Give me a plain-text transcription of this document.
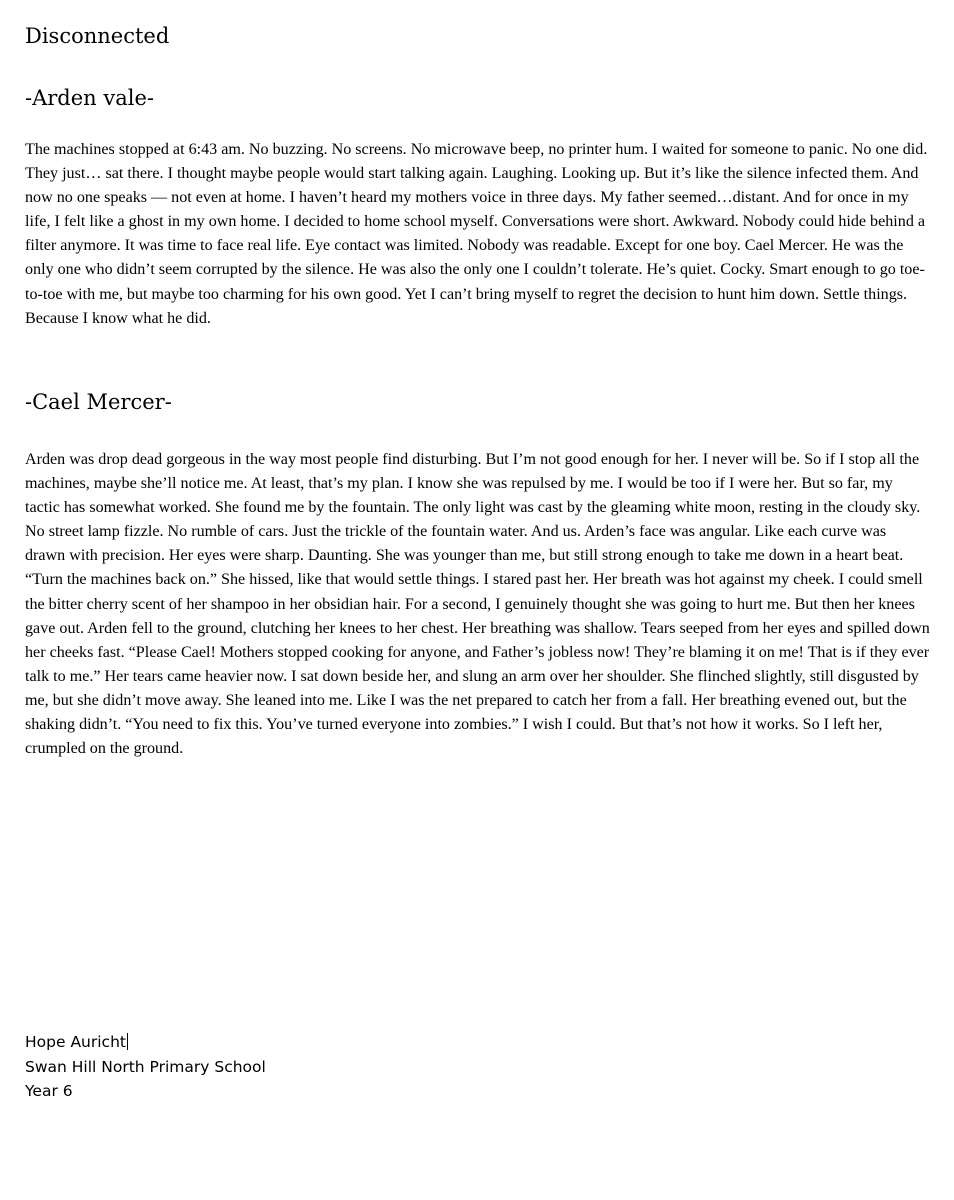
Disconnected
-Arden vale-

The machines stopped at 6:43 am. No buzzing. No screens. No microwave beep, no printer hum. I waited for someone to panic. No one did. They just… sat there. I thought maybe people would start talking again. Laughing. Looking up. But it’s like the silence infected them. And now no one speaks — not even at home. I haven’t heard my mothers voice in three days. My father seemed…distant. And for once in my life, I felt like a ghost in my own home. I decided to home school myself. Conversations were short. Awkward. Nobody could hide behind a filter anymore. It was time to face real life. Eye contact was limited. Nobody was readable. Except for one boy. Cael Mercer. He was the only one who didn’t seem corrupted by the silence. He was also the only one I couldn’t tolerate. He’s quiet. Cocky. Smart enough to go toe-to-toe with me, but maybe too charming for his own good. Yet I can’t bring myself to regret the decision to hunt him down. Settle things. Because I know what he did.

-Cael Mercer-

Arden was drop dead gorgeous in the way most people find disturbing. But I’m not good enough for her. I never will be. So if I stop all the machines, maybe she’ll notice me. At least, that’s my plan. I know she was repulsed by me. I would be too if I were her. But so far, my tactic has somewhat worked. She found me by the fountain. The only light was cast by the gleaming white moon, resting in the cloudy sky. No street lamp fizzle. No rumble of cars. Just the trickle of the fountain water. And us. Arden’s face was angular. Like each curve was drawn with precision. Her eyes were sharp. Daunting. She was younger than me, but still strong enough to take me down in a heart beat. “Turn the machines back on.” She hissed, like that would settle things. I stared past her. Her breath was hot against my cheek. I could smell the bitter cherry scent of her shampoo in her obsidian hair. For a second, I genuinely thought she was going to hurt me. But then her knees gave out. Arden fell to the ground, clutching her knees to her chest. Her breathing was shallow. Tears seeped from her eyes and spilled down her cheeks fast. “Please Cael! Mothers stopped cooking for anyone, and Father’s jobless now! They’re blaming it on me! That is if they ever talk to me.” Her tears came heavier now. I sat down beside her, and slung an arm over her shoulder. She flinched slightly, still disgusted by me, but she didn’t move away. She leaned into me. Like I was the net prepared to catch her from a fall. Her breathing evened out, but the shaking didn’t. “You need to fix this. You’ve turned everyone into zombies.” I wish I could. But that’s not how it works. So I left her, crumpled on the ground.

Hope Auricht
Swan Hill North Primary School
Year 6
